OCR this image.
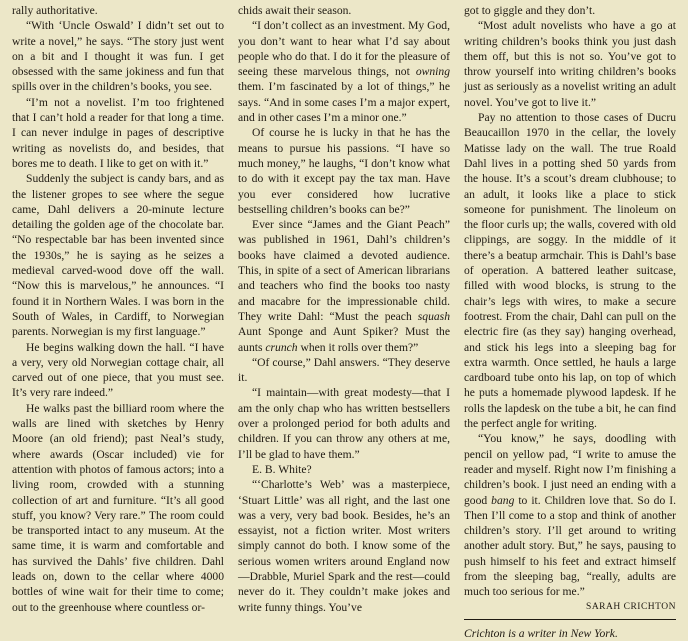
rally authoritative.

“With ‘Uncle Oswald’ I didn’t set out to write a novel,” he says. “The story just went on a bit and I thought it was fun. I get obsessed with the same jokiness and fun that spills over in the children’s books, you see.

“I’m not a novelist. I’m too frightened that I can’t hold a reader for that long a time. I can never indulge in pages of descriptive writing as novelists do, and besides, that bores me to death. I like to get on with it.”

Suddenly the subject is candy bars, and as the listener gropes to see where the segue came, Dahl delivers a 20-minute lecture detailing the golden age of the chocolate bar. “No respectable bar has been invented since the 1930s,” he is saying as he seizes a medieval carved-wood dove off the wall. “Now this is marvelous,” he announces. “I found it in Northern Wales. I was born in the South of Wales, in Cardiff, to Norwegian parents. Norwegian is my first language.”

He begins walking down the hall. “I have a very, very old Norwegian cottage chair, all carved out of one piece, that you must see. It’s very rare indeed.”

He walks past the billiard room where the walls are lined with sketches by Henry Moore (an old friend); past Neal’s study, where awards (Oscar included) vie for attention with photos of famous actors; into a living room, crowded with a stunning collection of art and furniture. “It’s all good stuff, you know? Very rare.” The room could be transported intact to any museum. At the same time, it is warm and comfortable and has survived the Dahls’ five children. Dahl leads on, down to the cellar where 4000 bottles of wine wait for their time to come; out to the greenhouse where countless or-

chids await their season.

“I don’t collect as an investment. My God, you don’t want to hear what I’d say about people who do that. I do it for the pleasure of seeing these marvelous things, not owning them. I’m fascinated by a lot of things,” he says. “And in some cases I’m a major expert, and in other cases I’m a minor one.”

Of course he is lucky in that he has the means to pursue his passions. “I have so much money,” he laughs, “I don’t know what to do with it except pay the tax man. Have you ever considered how lucrative bestselling children’s books can be?”

Ever since “James and the Giant Peach” was published in 1961, Dahl’s children’s books have claimed a devoted audience. This, in spite of a sect of American librarians and teachers who find the books too nasty and macabre for the impressionable child. They write Dahl: “Must the peach squash Aunt Sponge and Aunt Spiker? Must the aunts crunch when it rolls over them?”

“Of course,” Dahl answers. “They deserve it.

“I maintain—with great modesty—that I am the only chap who has written bestsellers over a prolonged period for both adults and children. If you can throw any others at me, I’ll be glad to have them.”

E. B. White?

“‘Charlotte’s Web’ was a masterpiece, ‘Stuart Little’ was all right, and the last one was a very, very bad book. Besides, he’s an essayist, not a fiction writer. Most writers simply cannot do both. I know some of the serious women writers around England now—Drabble, Muriel Spark and the rest—could never do it. They couldn’t make jokes and write funny things. You’ve

got to giggle and they don’t.

“Most adult novelists who have a go at writing children’s books think you just dash them off, but this is not so. You’ve got to throw yourself into writing children’s books just as seriously as a novelist writing an adult novel. You’ve got to live it.”

Pay no attention to those cases of Ducru Beaucaillon 1970 in the cellar, the lovely Matisse lady on the wall. The true Roald Dahl lives in a potting shed 50 yards from the house. It’s a scout’s dream clubhouse; to an adult, it looks like a place to stick someone for punishment. The linoleum on the floor curls up; the walls, covered with old clippings, are soggy. In the middle of it there’s a beatup armchair. This is Dahl’s base of operation. A battered leather suitcase, filled with wood blocks, is strung to the chair’s legs with wires, to make a secure footrest. From the chair, Dahl can pull on the electric fire (as they say) hanging overhead, and stick his legs into a sleeping bag for extra warmth. Once settled, he hauls a large cardboard tube onto his lap, on top of which he puts a homemade plywood lapdesk. If he rolls the lapdesk on the tube a bit, he can find the perfect angle for writing.

“You know,” he says, doodling with pencil on yellow pad, “I write to amuse the reader and myself. Right now I’m finishing a children’s book. I just need an ending with a good bang to it. Children love that. So do I. Then I’ll come to a stop and think of another children’s story. I’ll get around to writing another adult story. But,” he says, pausing to push himself to his feet and extract himself from the sleeping bag, “really, adults are much too serious for me.”

SARAH CRICHTON

Crichton is a writer in New York.
